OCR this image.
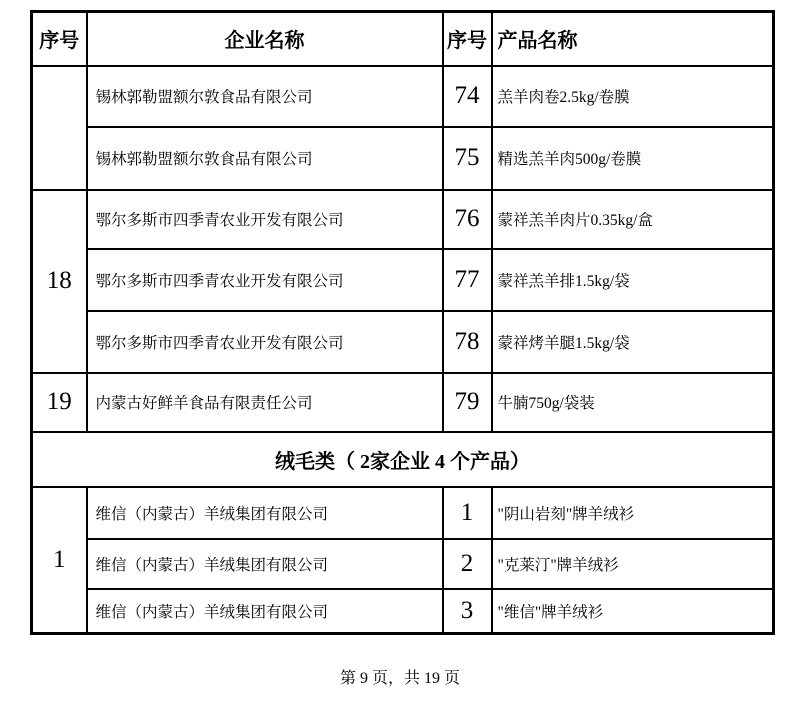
序号	企业名称	序号	产品名称
	锡林郭勒盟额尔敦食品有限公司	74	羔羊肉卷2.5kg/卷膜
	锡林郭勒盟额尔敦食品有限公司	75	精选羔羊肉500g/卷膜
18	鄂尔多斯市四季青农业开发有限公司	76	蒙祥羔羊肉片0.35kg/盒
	鄂尔多斯市四季青农业开发有限公司	77	蒙祥羔羊排1.5kg/袋
	鄂尔多斯市四季青农业开发有限公司	78	蒙祥烤羊腿1.5kg/袋
19	内蒙古好鲜羊食品有限责任公司	79	牛腩750g/袋装
绒毛类（ 2家企业 4 个产品）			
1	维信（内蒙古）羊绒集团有限公司	1	"阴山岩刻"牌羊绒衫
	维信（内蒙古）羊绒集团有限公司	2	"克莱汀"牌羊绒衫
	维信（内蒙古）羊绒集团有限公司	3	"维信"牌羊绒衫
第 9 页，共 19 页
